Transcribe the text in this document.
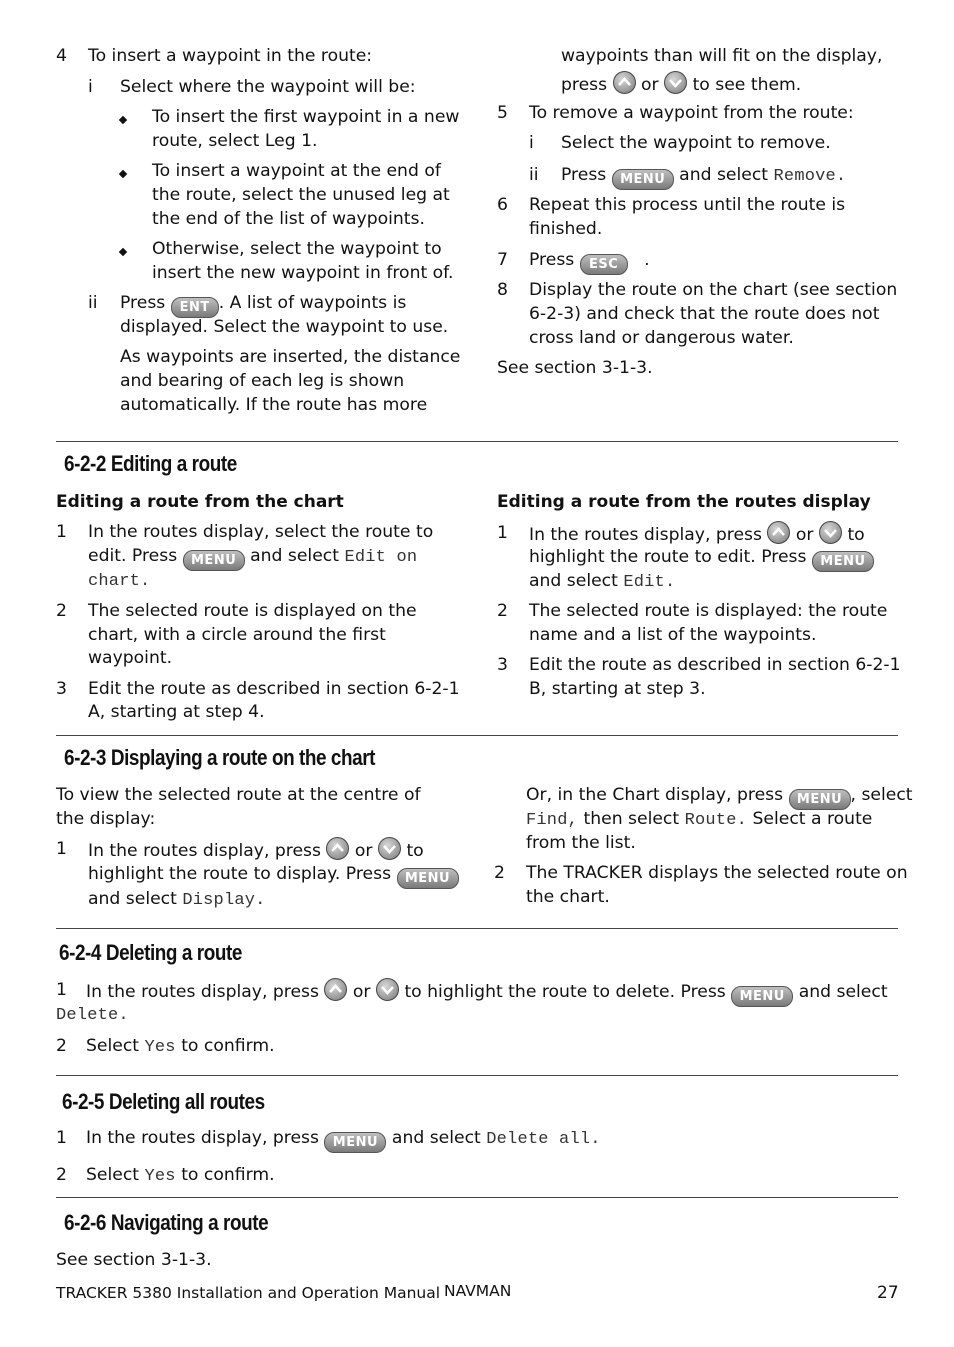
4 To insert a waypoint in the route:
i Select where the waypoint will be:
To insert the first waypoint in a new
route, select Leg 1.
To insert a waypoint at the end of
the route, select the unused leg at
the end of the list of waypoints.
Otherwise, select the waypoint to
insert the new waypoint in front of.
ii Press ENT . A list of waypoints is
displayed. Select the waypoint to use.
As waypoints are inserted, the distance
and bearing of each leg is shown
automatically. If the route has more
waypoints than will fit on the display,
press or to see them.
5 To remove a waypoint from the route:
i Select the waypoint to remove.
ii Press MENU and select Remove.
6 Repeat this process until the route is
finished.
7 Press ESC .
8 Display the route on the chart (see section
6-2-3) and check that the route does not
cross land or dangerous water.
See section 3-1-3.
6-2-2 Editing a route
Editing a route from the chart
1 In the routes display, select the route to
edit. Press MENU and select Edit on
chart.
2 The selected route is displayed on the
chart, with a circle around the first
waypoint.
3 Edit the route as described in section 6-2-1
A, starting at step 4.
Editing a route from the routes display
1 In the routes display, press or to
highlight the route to edit. Press MENU
and select Edit.
2 The selected route is displayed: the route
name and a list of the waypoints.
3 Edit the route as described in section 6-2-1
B, starting at step 3.
6-2-3 Displaying a route on the chart
To view the selected route at the centre of
the display:
1 In the routes display, press or to
highlight the route to display. Press MENU
and select Display.
Or, in the Chart display, press MENU , select
Find, then select Route. Select a route
from the list.
2 The TRACKER displays the selected route on
the chart.
6-2-4 Deleting a route
1 In the routes display, press or to highlight the route to delete. Press MENU and select
Delete.
2 Select Yes to confirm.
6-2-5 Deleting all routes
1 In the routes display, press MENU and select Delete all.
2 Select Yes to confirm.
6-2-6 Navigating a route
See section 3-1-3.
TRACKER 5380 Installation and Operation Manual NAVMAN	27
